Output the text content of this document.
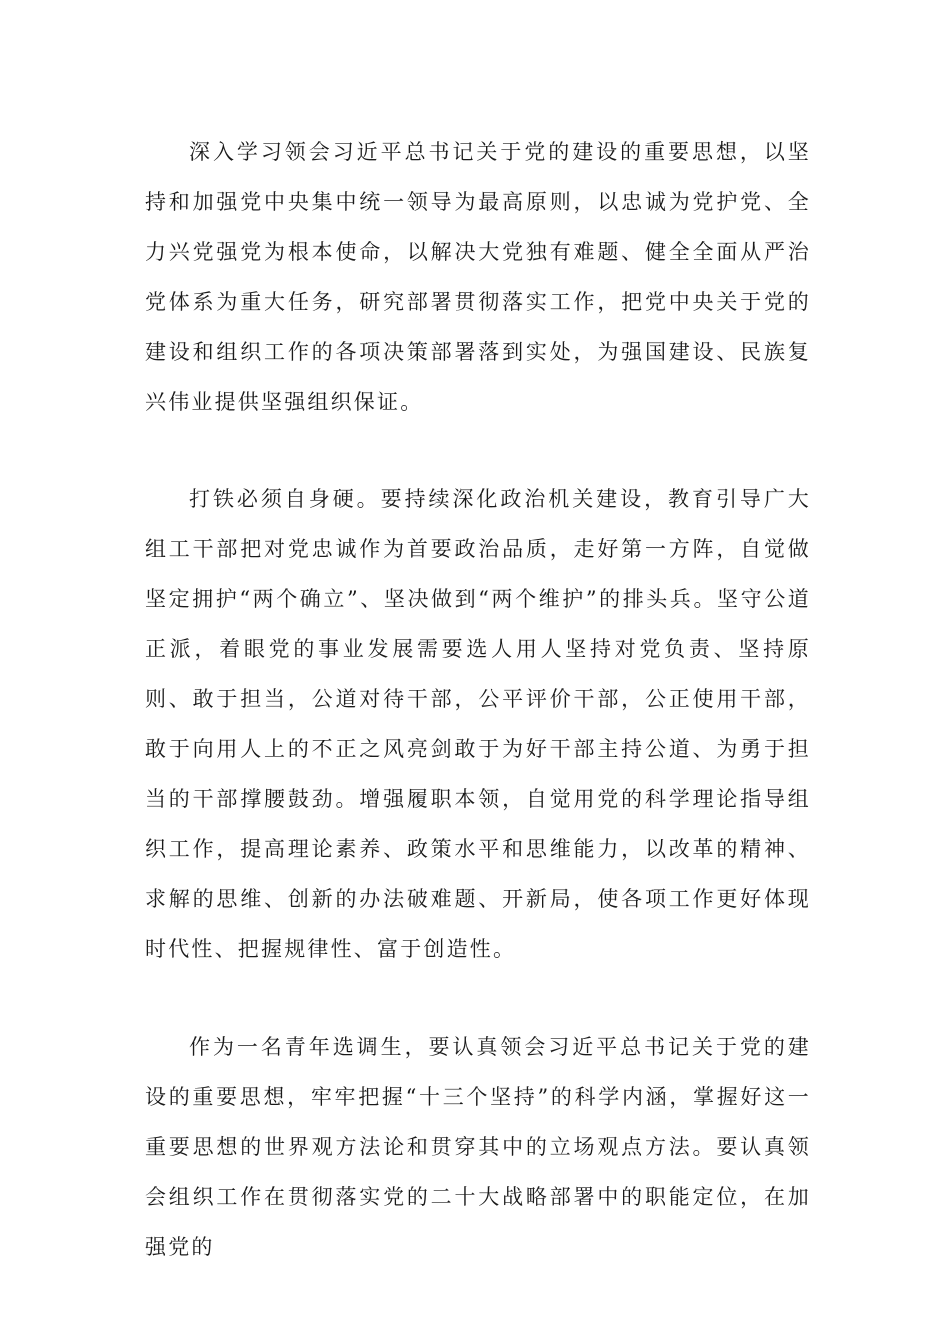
深入学习领会习近平总书记关于党的建设的重要思想，以坚持和加强党中央集中统一领导为最高原则，以忠诚为党护党、全力兴党强党为根本使命，以解决大党独有难题、健全全面从严治党体系为重大任务，研究部署贯彻落实工作，把党中央关于党的建设和组织工作的各项决策部署落到实处，为强国建设、民族复兴伟业提供坚强组织保证。

打铁必须自身硬。要持续深化政治机关建设，教育引导广大组工干部把对党忠诚作为首要政治品质，走好第一方阵，自觉做坚定拥护“两个确立”、坚决做到“两个维护”的排头兵。坚守公道正派，着眼党的事业发展需要选人用人坚持对党负责、坚持原则、敢于担当，公道对待干部，公平评价干部，公正使用干部，敢于向用人上的不正之风亮剑敢于为好干部主持公道、为勇于担当的干部撑腰鼓劲。增强履职本领，自觉用党的科学理论指导组织工作，提高理论素养、政策水平和思维能力，以改革的精神、求解的思维、创新的办法破难题、开新局，使各项工作更好体现时代性、把握规律性、富于创造性。

作为一名青年选调生，要认真领会习近平总书记关于党的建设的重要思想，牢牢把握“十三个坚持”的科学内涵，掌握好这一重要思想的世界观方法论和贯穿其中的立场观点方法。要认真领会组织工作在贯彻落实党的二十大战略部署中的职能定位，在加强党的
